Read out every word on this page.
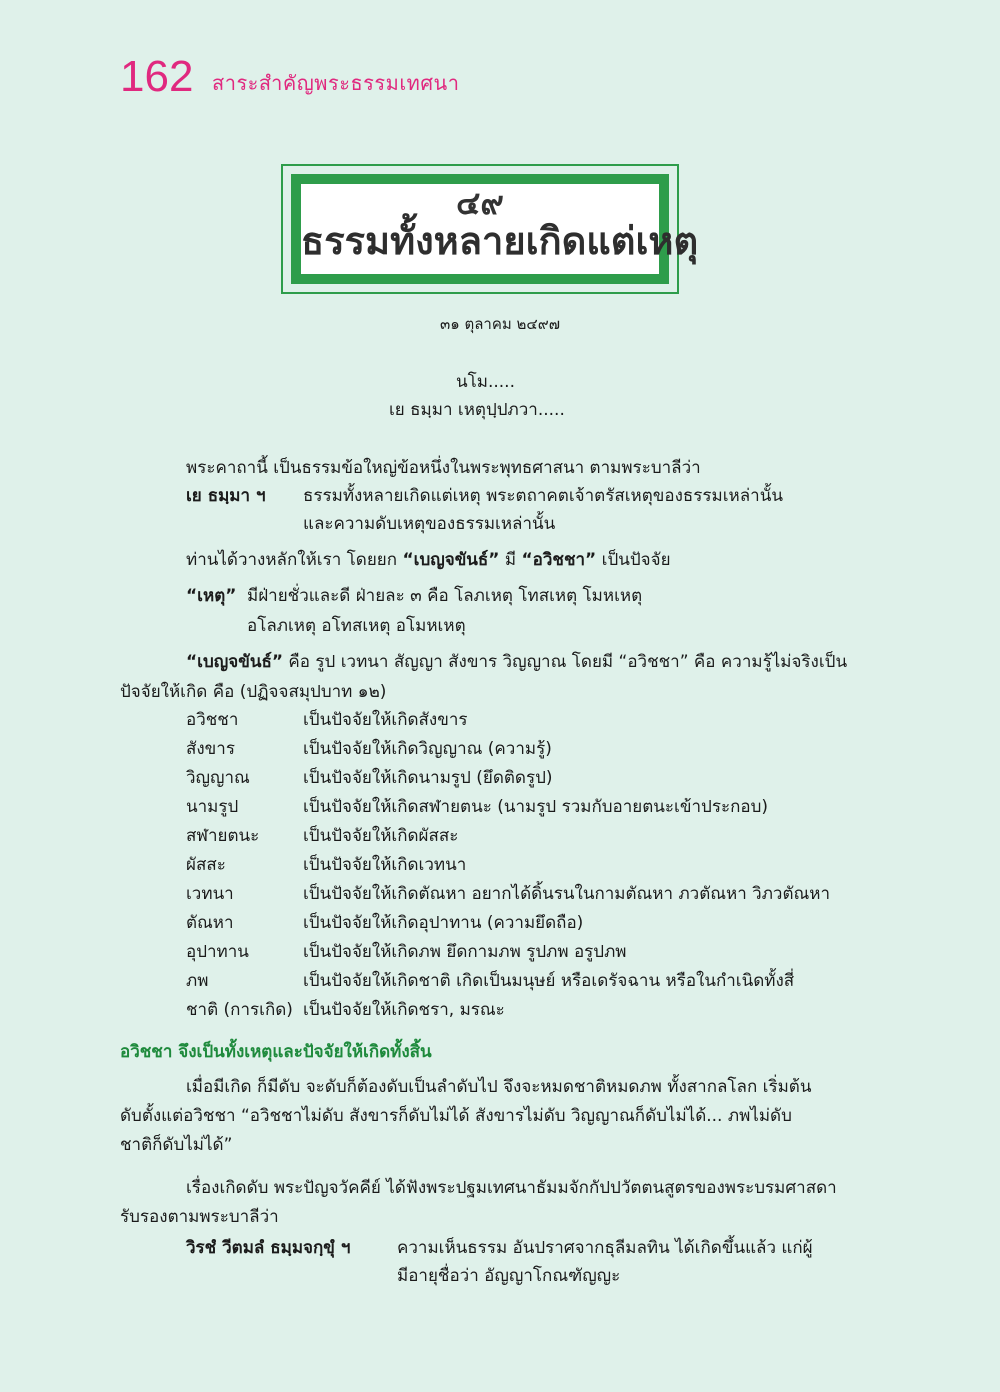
162 สาระสำคัญพระธรรมเทศนา
๔๙
ธรรมทั้งหลายเกิดแต่เหตุ
๓๑ ตุลาคม ๒๔๙๗
นโม.....
เย ธมฺมา เหตุปฺปภวา.....
พระคาถานี้ เป็นธรรมข้อใหญ่ข้อหนึ่งในพระพุทธศาสนา ตามพระบาลีว่า
เย ธมฺมา ฯ ธรรมทั้งหลายเกิดแต่เหตุ พระตถาคตเจ้าตรัสเหตุของธรรมเหล่านั้น
และความดับเหตุของธรรมเหล่านั้น
ท่านได้วางหลักให้เรา โดยยก “เบญจขันธ์” มี “อวิชชา” เป็นปัจจัย
“เหตุ” มีฝ่ายชั่วและดี ฝ่ายละ ๓ คือ โลภเหตุ โทสเหตุ โมหเหตุ
อโลภเหตุ อโทสเหตุ อโมหเหตุ
“เบญจขันธ์” คือ รูป เวทนา สัญญา สังขาร วิญญาณ โดยมี “อวิชชา” คือ ความรู้ไม่จริงเป็น
ปัจจัยให้เกิด คือ (ปฏิจจสมุปบาท ๑๒)
อวิชชา	เป็นปัจจัยให้เกิดสังขาร
สังขาร	เป็นปัจจัยให้เกิดวิญญาณ (ความรู้)
วิญญาณ	เป็นปัจจัยให้เกิดนามรูป (ยึดติดรูป)
นามรูป	เป็นปัจจัยให้เกิดสฬายตนะ (นามรูป รวมกับอายตนะเข้าประกอบ)
สฬายตนะ	เป็นปัจจัยให้เกิดผัสสะ
ผัสสะ	เป็นปัจจัยให้เกิดเวทนา
เวทนา	เป็นปัจจัยให้เกิดตัณหา อยากได้ดิ้นรนในกามตัณหา ภวตัณหา วิภวตัณหา
ตัณหา	เป็นปัจจัยให้เกิดอุปาทาน (ความยึดถือ)
อุปาทาน	เป็นปัจจัยให้เกิดภพ ยึดกามภพ รูปภพ อรูปภพ
ภพ	เป็นปัจจัยให้เกิดชาติ เกิดเป็นมนุษย์ หรือเดรัจฉาน หรือในกำเนิดทั้งสี่
ชาติ (การเกิด) เป็นปัจจัยให้เกิดชรา, มรณะ
อวิชชา จึงเป็นทั้งเหตุและปัจจัยให้เกิดทั้งสิ้น
เมื่อมีเกิด ก็มีดับ จะดับก็ต้องดับเป็นลำดับไป จึงจะหมดชาติหมดภพ ทั้งสากลโลก เริ่มต้น
ดับตั้งแต่อวิชชา “อวิชชาไม่ดับ สังขารก็ดับไม่ได้ สังขารไม่ดับ วิญญาณก็ดับไม่ได้... ภพไม่ดับ
ชาติก็ดับไม่ได้”
เรื่องเกิดดับ พระปัญจวัคคีย์ ได้ฟังพระปฐมเทศนาธัมมจักกัปปวัตตนสูตรของพระบรมศาสดา
รับรองตามพระบาลีว่า
วิรชํ วีตมลํ ธมฺมจกฺขุํ ฯ	ความเห็นธรรม อันปราศจากธุลีมลทิน ได้เกิดขึ้นแล้ว แก่ผู้
มีอายุชื่อว่า อัญญาโกณฑัญญะ
